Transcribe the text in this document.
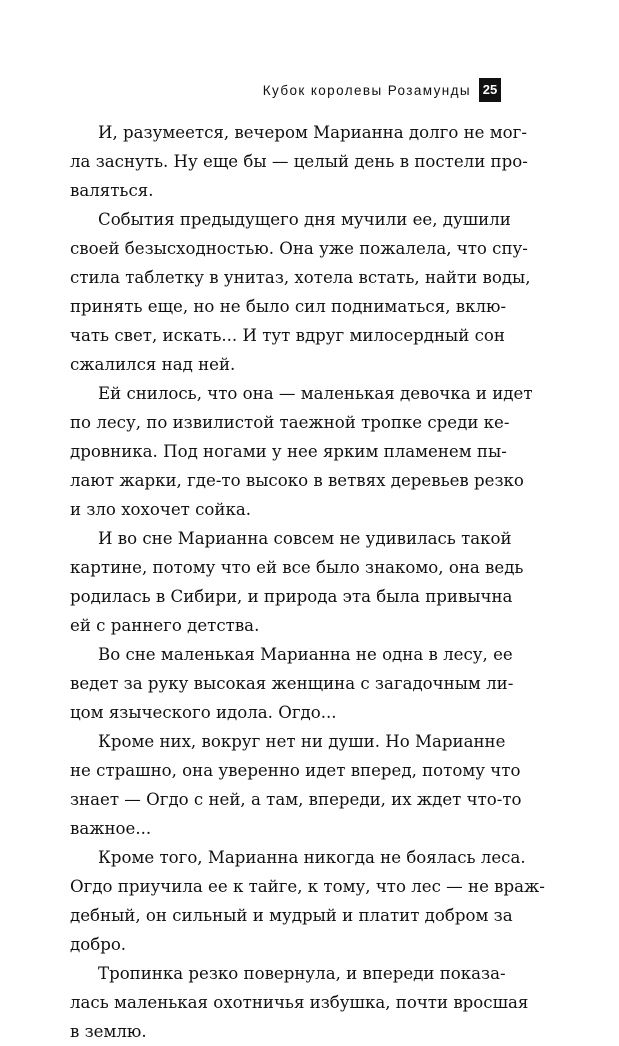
Кубок королевы Розамунды 25
И, разумеется, вечером Марианна долго не мог-
ла заснуть. Ну еще бы — целый день в постели про-
валяться.
События предыдущего дня мучили ее, душили
своей безысходностью. Она уже пожалела, что спу-
стила таблетку в унитаз, хотела встать, найти воды,
принять еще, но не было сил подниматься, вклю-
чать свет, искать... И тут вдруг милосердный сон
сжалился над ней.
Ей снилось, что она — маленькая девочка и идет
по лесу, по извилистой таежной тропке среди ке-
дровника. Под ногами у нее ярким пламенем пы-
лают жарки, где-то высоко в ветвях деревьев резко
и зло хохочет сойка.
И во сне Марианна совсем не удивилась такой
картине, потому что ей все было знакомо, она ведь
родилась в Сибири, и природа эта была привычна
ей с раннего детства.
Во сне маленькая Марианна не одна в лесу, ее
ведет за руку высокая женщина с загадочным ли-
цом языческого идола. Огдо...
Кроме них, вокруг нет ни души. Но Марианне
не страшно, она уверенно идет вперед, потому что
знает — Огдо с ней, а там, впереди, их ждет что-то
важное...
Кроме того, Марианна никогда не боялась леса.
Огдо приучила ее к тайге, к тому, что лес — не враж-
дебный, он сильный и мудрый и платит добром за
добро.
Тропинка резко повернула, и впереди показа-
лась маленькая охотничья избушка, почти вросшая
в землю.
